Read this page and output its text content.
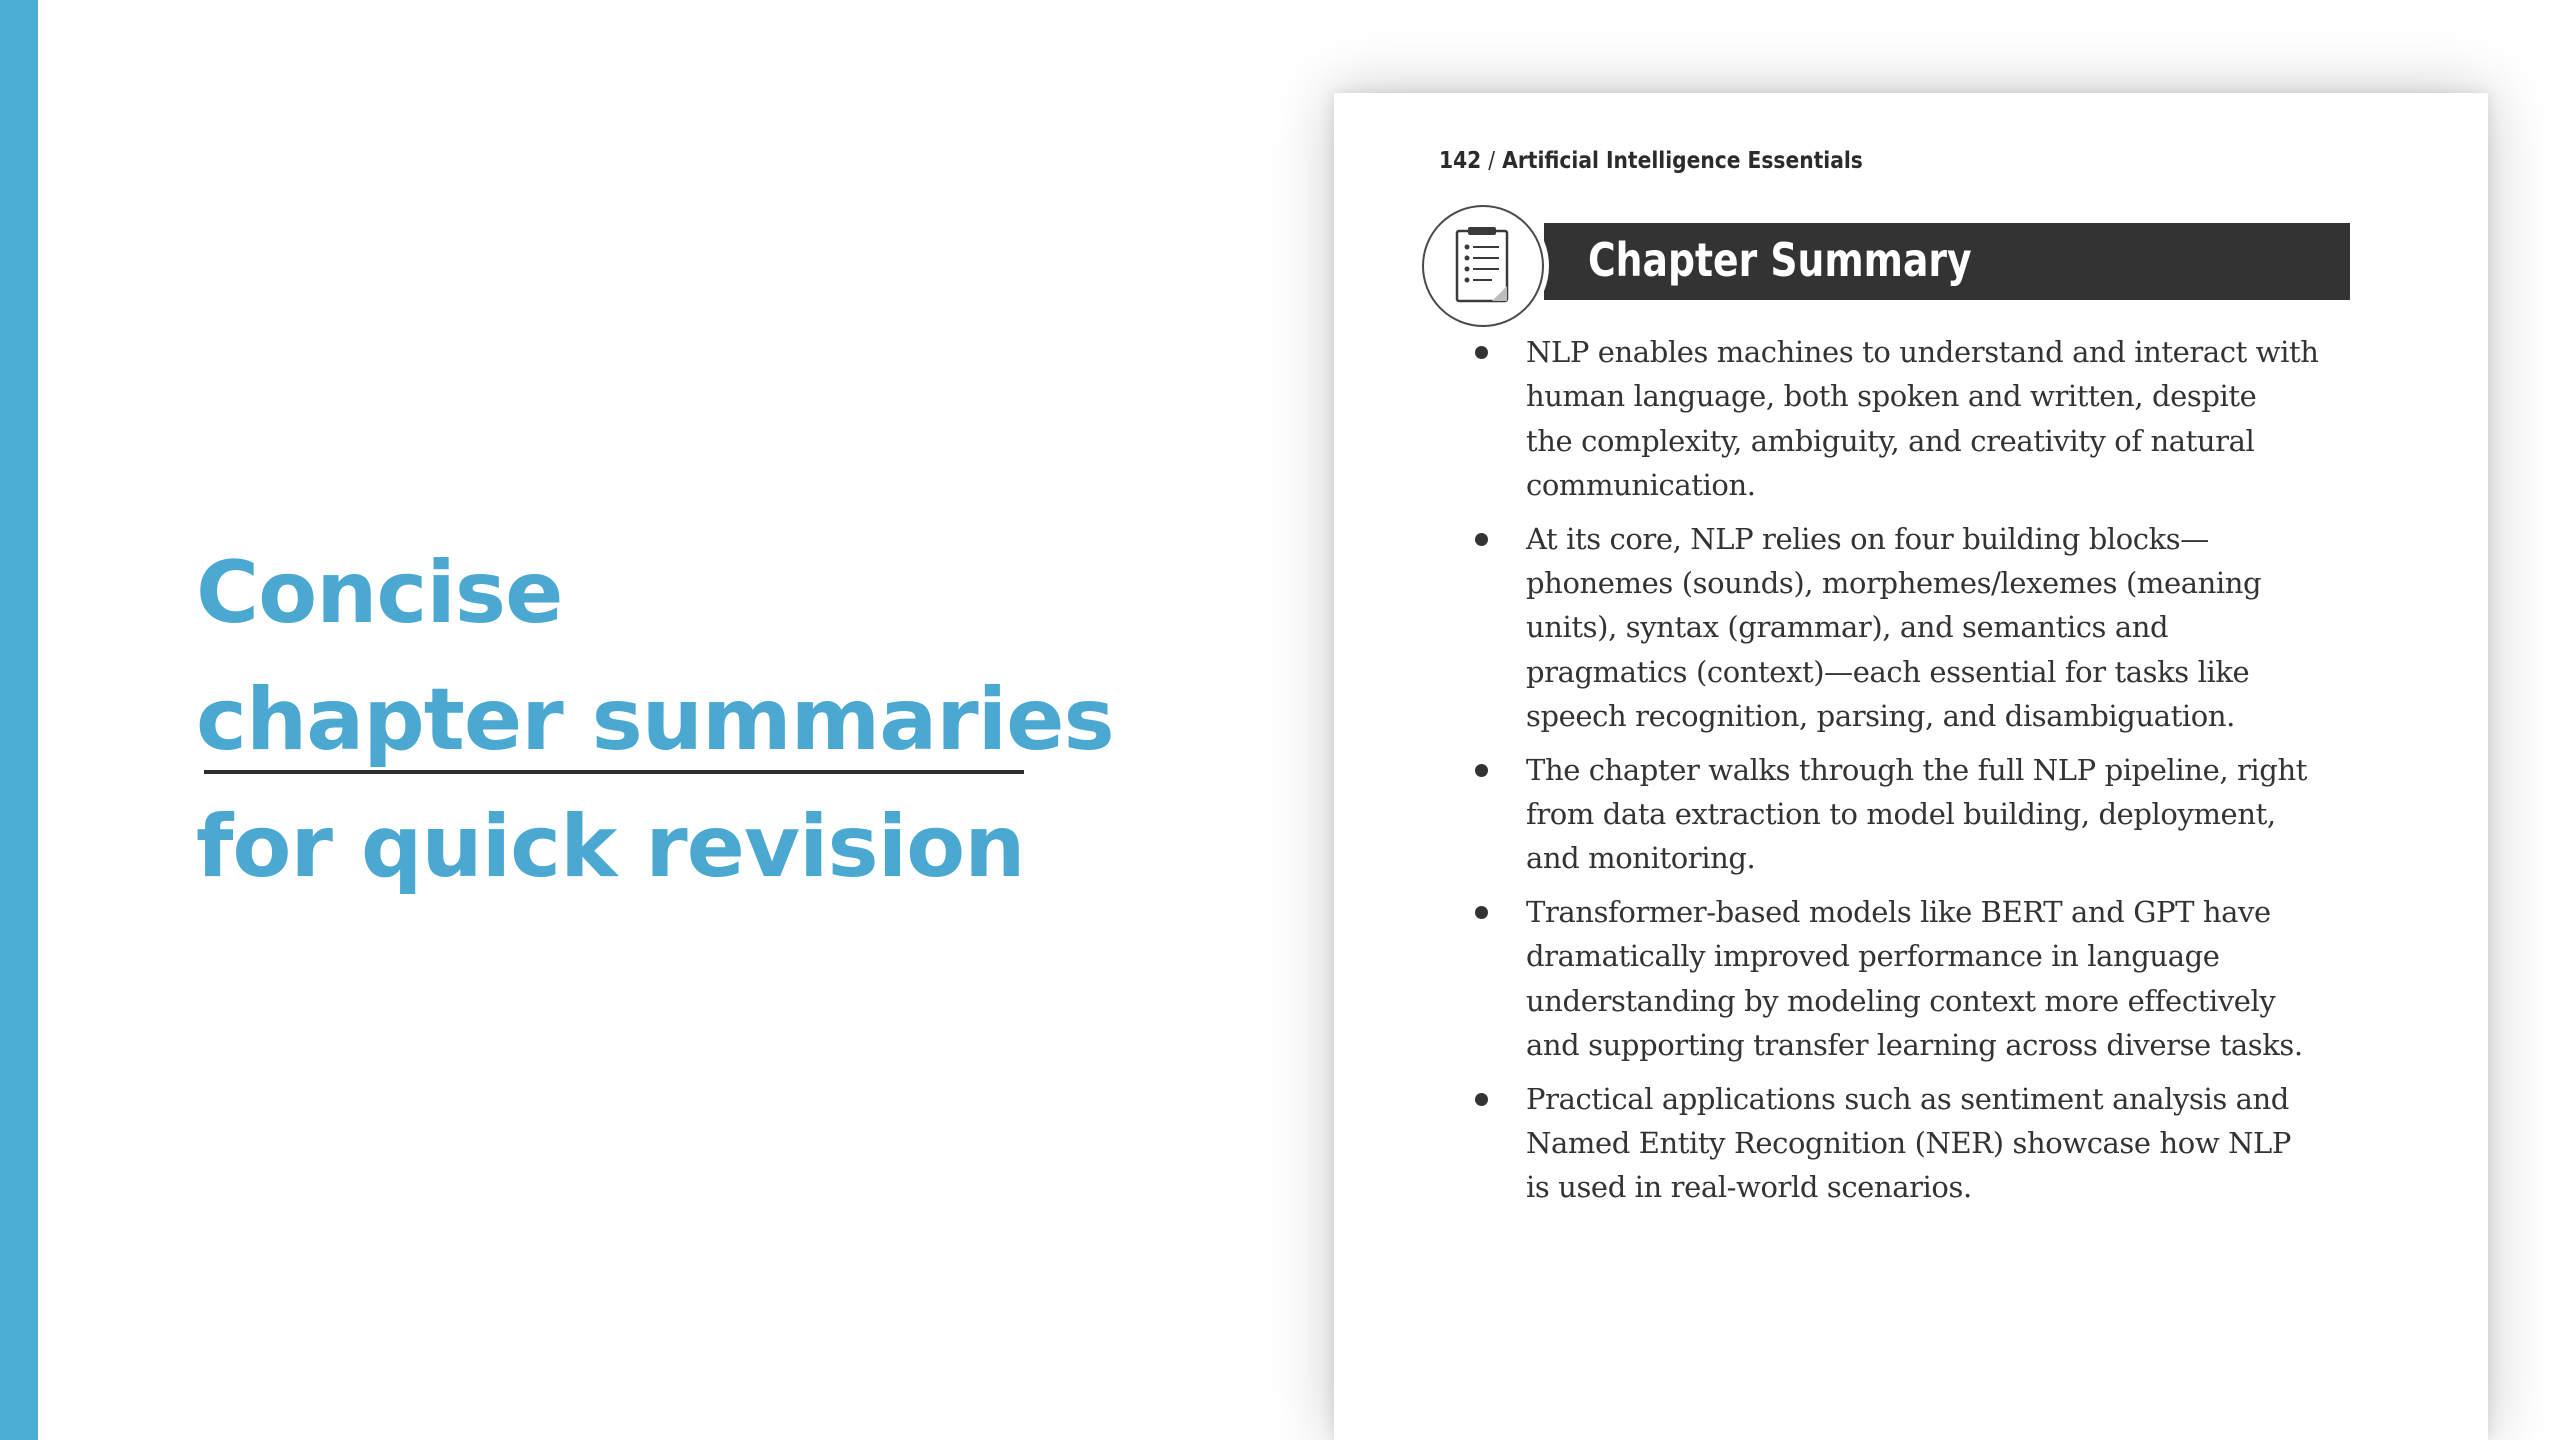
Concise
chapter summaries
for quick revision
142 / Artificial Intelligence Essentials
Chapter Summary
NLP enables machines to understand and interact with
human language, both spoken and written, despite
the complexity, ambiguity, and creativity of natural
communication.
At its core, NLP relies on four building blocks—
phonemes (sounds), morphemes/lexemes (meaning
units), syntax (grammar), and semantics and
pragmatics (context)—each essential for tasks like
speech recognition, parsing, and disambiguation.
The chapter walks through the full NLP pipeline, right
from data extraction to model building, deployment,
and monitoring.
Transformer-based models like BERT and GPT have
dramatically improved performance in language
understanding by modeling context more effectively
and supporting transfer learning across diverse tasks.
Practical applications such as sentiment analysis and
Named Entity Recognition (NER) showcase how NLP
is used in real-world scenarios.
